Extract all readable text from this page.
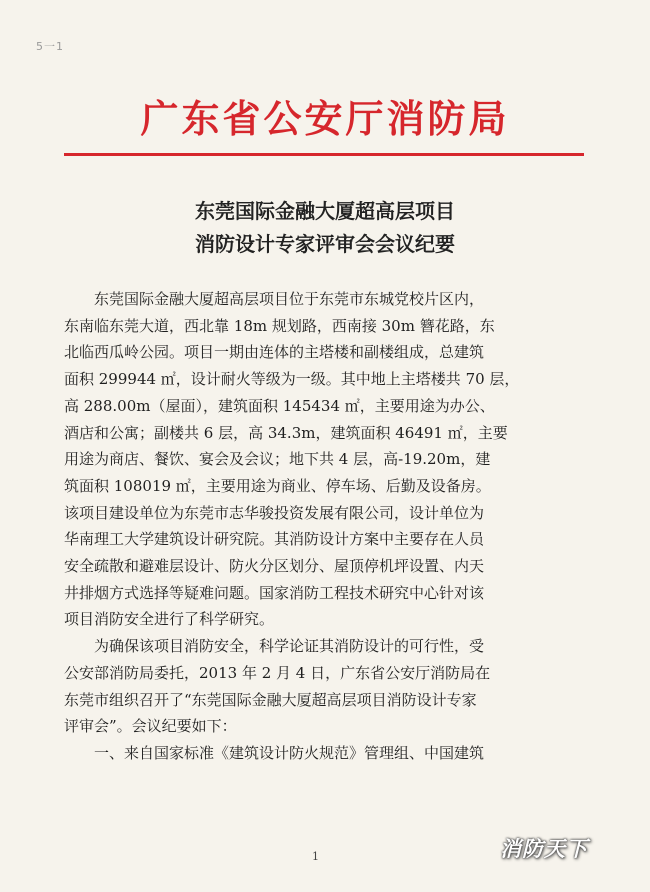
5一1
广东省公安厅消防局
东莞国际金融大厦超高层项目
消防设计专家评审会会议纪要
　　东莞国际金融大厦超高层项目位于东莞市东城党校片区内，
东南临东莞大道，西北靠 18m 规划路，西南接 30m 簪花路，东
北临西瓜岭公园。项目一期由连体的主塔楼和副楼组成，总建筑
面积 299944 ㎡，设计耐火等级为一级。其中地上主塔楼共 70 层，
高 288.00m（屋面），建筑面积 145434 ㎡，主要用途为办公、
酒店和公寓；副楼共 6 层，高 34.3m，建筑面积 46491 ㎡，主要
用途为商店、餐饮、宴会及会议；地下共 4 层，高-19.20m，建
筑面积 108019 ㎡，主要用途为商业、停车场、后勤及设备房。
该项目建设单位为东莞市志华骏投资发展有限公司，设计单位为
华南理工大学建筑设计研究院。其消防设计方案中主要存在人员
安全疏散和避难层设计、防火分区划分、屋顶停机坪设置、内天
井排烟方式选择等疑难问题。国家消防工程技术研究中心针对该
项目消防安全进行了科学研究。
　　为确保该项目消防安全，科学论证其消防设计的可行性，受
公安部消防局委托，2013 年 2 月 4 日，广东省公安厅消防局在
东莞市组织召开了“东莞国际金融大厦超高层项目消防设计专家
评审会”。会议纪要如下：
　　一、来自国家标准《建筑设计防火规范》管理组、中国建筑
1	消防天下
